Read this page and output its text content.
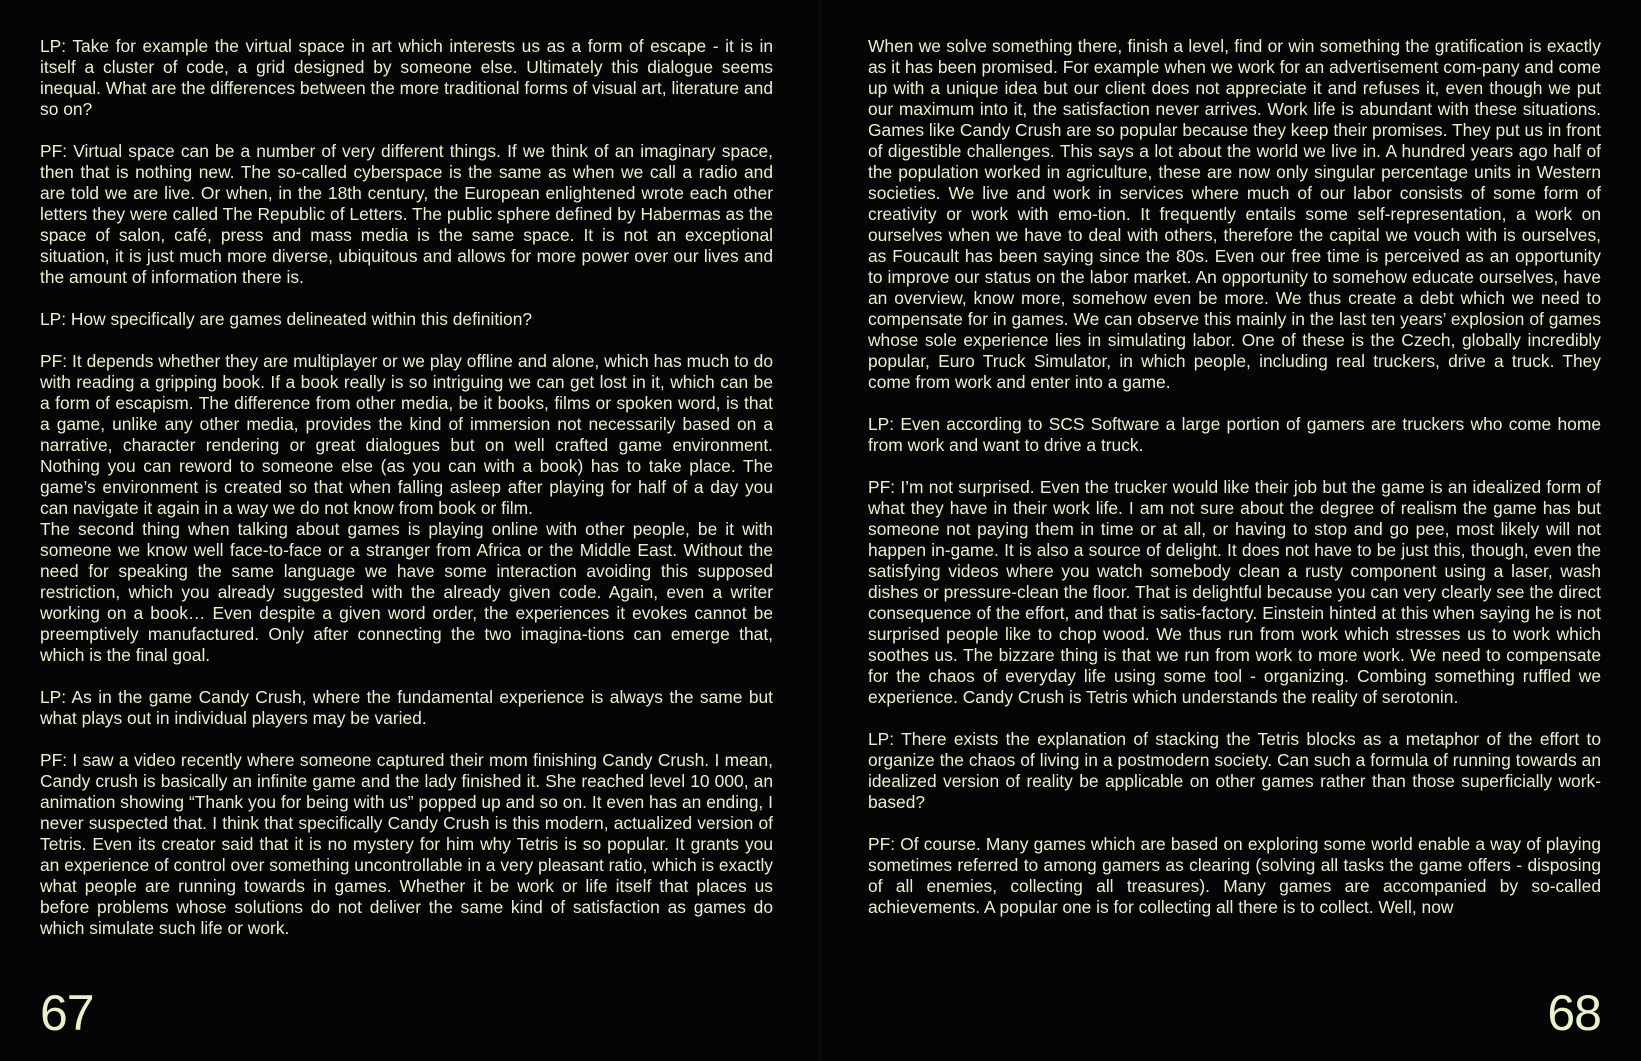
LP: Take for example the virtual space in art which interests us as a form of escape - it is in itself a cluster of code, a grid designed by someone else. Ultimately this dialogue seems inequal. What are the differences between the more traditional forms of visual art, literature and so on?

PF: Virtual space can be a number of very different things. If we think of an imaginary space, then that is nothing new. The so-called cyberspace is the same as when we call a radio and are told we are live. Or when, in the 18th century, the European enlightened wrote each other letters they were called The Republic of Letters. The public sphere defined by Habermas as the space of salon, café, press and mass media is the same space. It is not an exceptional situation, it is just much more diverse, ubiquitous and allows for more power over our lives and the amount of information there is.

LP: How specifically are games delineated within this definition?

PF: It depends whether they are multiplayer or we play offline and alone, which has much to do with reading a gripping book. If a book really is so intriguing we can get lost in it, which can be a form of escapism. The difference from other media, be it books, films or spoken word, is that a game, unlike any other media, provides the kind of immersion not necessarily based on a narrative, character rendering or great dialogues but on well crafted game environment. Nothing you can reword to someone else (as you can with a book) has to take place. The game’s environment is created so that when falling asleep after playing for half of a day you can navigate it again in a way we do not know from book or film.

The second thing when talking about games is playing online with other people, be it with someone we know well face-to-face or a stranger from Africa or the Middle East. Without the need for speaking the same language we have some interaction avoiding this supposed restriction, which you already suggested with the already given code. Again, even a writer working on a book… Even despite a given word order, the experiences it evokes cannot be preemptively manufactured. Only after connecting the two imagina-tions can emerge that, which is the final goal.

LP: As in the game Candy Crush, where the fundamental experience is always the same but what plays out in individual players may be varied.

PF: I saw a video recently where someone captured their mom finishing Candy Crush. I mean, Candy crush is basically an infinite game and the lady finished it. She reached level 10 000, an animation showing “Thank you for being with us” popped up and so on. It even has an ending, I never suspected that. I think that specifically Candy Crush is this modern, actualized version of Tetris. Even its creator said that it is no mystery for him why Tetris is so popular. It grants you an experience of control over something uncontrollable in a very pleasant ratio, which is exactly what people are running towards in games. Whether it be work or life itself that places us before problems whose solutions do not deliver the same kind of satisfaction as games do which simulate such life or work.

When we solve something there, finish a level, find or win something the gratification is exactly as it has been promised. For example when we work for an advertisement com-pany and come up with a unique idea but our client does not appreciate it and refuses it, even though we put our maximum into it, the satisfaction never arrives. Work life is abundant with these situations. Games like Candy Crush are so popular because they keep their promises. They put us in front of digestible challenges. This says a lot about the world we live in. A hundred years ago half of the population worked in agriculture, these are now only singular percentage units in Western societies. We live and work in services where much of our labor consists of some form of creativity or work with emo-tion. It frequently entails some self-representation, a work on ourselves when we have to deal with others, therefore the capital we vouch with is ourselves, as Foucault has been saying since the 80s. Even our free time is perceived as an opportunity to improve our status on the labor market. An opportunity to somehow educate ourselves, have an overview, know more, somehow even be more. We thus create a debt which we need to compensate for in games. We can observe this mainly in the last ten years’ explosion of games whose sole experience lies in simulating labor. One of these is the Czech, globally incredibly popular, Euro Truck Simulator, in which people, including real truckers, drive a truck. They come from work and enter into a game.

LP: Even according to SCS Software a large portion of gamers are truckers who come home from work and want to drive a truck.

PF: I’m not surprised. Even the trucker would like their job but the game is an idealized form of what they have in their work life. I am not sure about the degree of realism the game has but someone not paying them in time or at all, or having to stop and go pee, most likely will not happen in-game. It is also a source of delight. It does not have to be just this, though, even the satisfying videos where you watch somebody clean a rusty component using a laser, wash dishes or pressure-clean the floor. That is delightful because you can very clearly see the direct consequence of the effort, and that is satis-factory. Einstein hinted at this when saying he is not surprised people like to chop wood. We thus run from work which stresses us to work which soothes us. The bizzare thing is that we run from work to more work. We need to compensate for the chaos of everyday life using some tool - organizing. Combing something ruffled we experience. Candy Crush is Tetris which understands the reality of serotonin.

LP: There exists the explanation of stacking the Tetris blocks as a metaphor of the effort to organize the chaos of living in a postmodern society. Can such a formula of running towards an idealized version of reality be applicable on other games rather than those superficially work-based?

PF: Of course. Many games which are based on exploring some world enable a way of playing sometimes referred to among gamers as clearing (solving all tasks the game offers - disposing of all enemies, collecting all treasures). Many games are accompanied by so-called achievements. A popular one is for collecting all there is to collect. Well, now

67	68
